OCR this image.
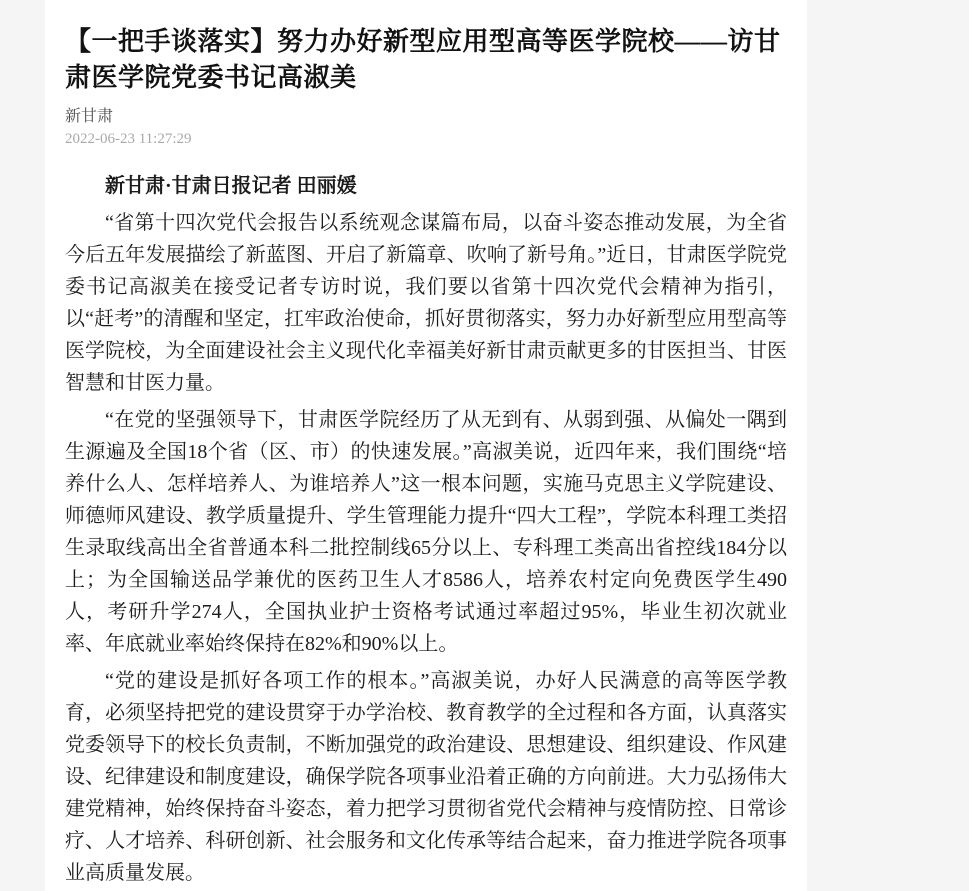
【一把手谈落实】努力办好新型应用型高等医学院校——访甘肃医学院党委书记高淑美
新甘肃
2022-06-23 11:27:29

新甘肃·甘肃日报记者 田丽媛

“省第十四次党代会报告以系统观念谋篇布局，以奋斗姿态推动发展，为全省今后五年发展描绘了新蓝图、开启了新篇章、吹响了新号角。”近日，甘肃医学院党委书记高淑美在接受记者专访时说，我们要以省第十四次党代会精神为指引，以“赶考”的清醒和坚定，扛牢政治使命，抓好贯彻落实，努力办好新型应用型高等医学院校，为全面建设社会主义现代化幸福美好新甘肃贡献更多的甘医担当、甘医智慧和甘医力量。

“在党的坚强领导下，甘肃医学院经历了从无到有、从弱到强、从偏处一隅到生源遍及全国18个省（区、市）的快速发展。”高淑美说，近四年来，我们围绕“培养什么人、怎样培养人、为谁培养人”这一根本问题，实施马克思主义学院建设、师德师风建设、教学质量提升、学生管理能力提升“四大工程”，学院本科理工类招生录取线高出全省普通本科二批控制线65分以上、专科理工类高出省控线184分以上；为全国输送品学兼优的医药卫生人才8586人，培养农村定向免费医学生490人，考研升学274人，全国执业护士资格考试通过率超过95%，毕业生初次就业率、年底就业率始终保持在82%和90%以上。

“党的建设是抓好各项工作的根本。”高淑美说，办好人民满意的高等医学教育，必须坚持把党的建设贯穿于办学治校、教育教学的全过程和各方面，认真落实党委领导下的校长负责制，不断加强党的政治建设、思想建设、组织建设、作风建设、纪律建设和制度建设，确保学院各项事业沿着正确的方向前进。大力弘扬伟大建党精神，始终保持奋斗姿态，着力把学习贯彻省党代会精神与疫情防控、日常诊疗、人才培养、科研创新、社会服务和文化传承等结合起来，奋力推进学院各项事业高质量发展。
